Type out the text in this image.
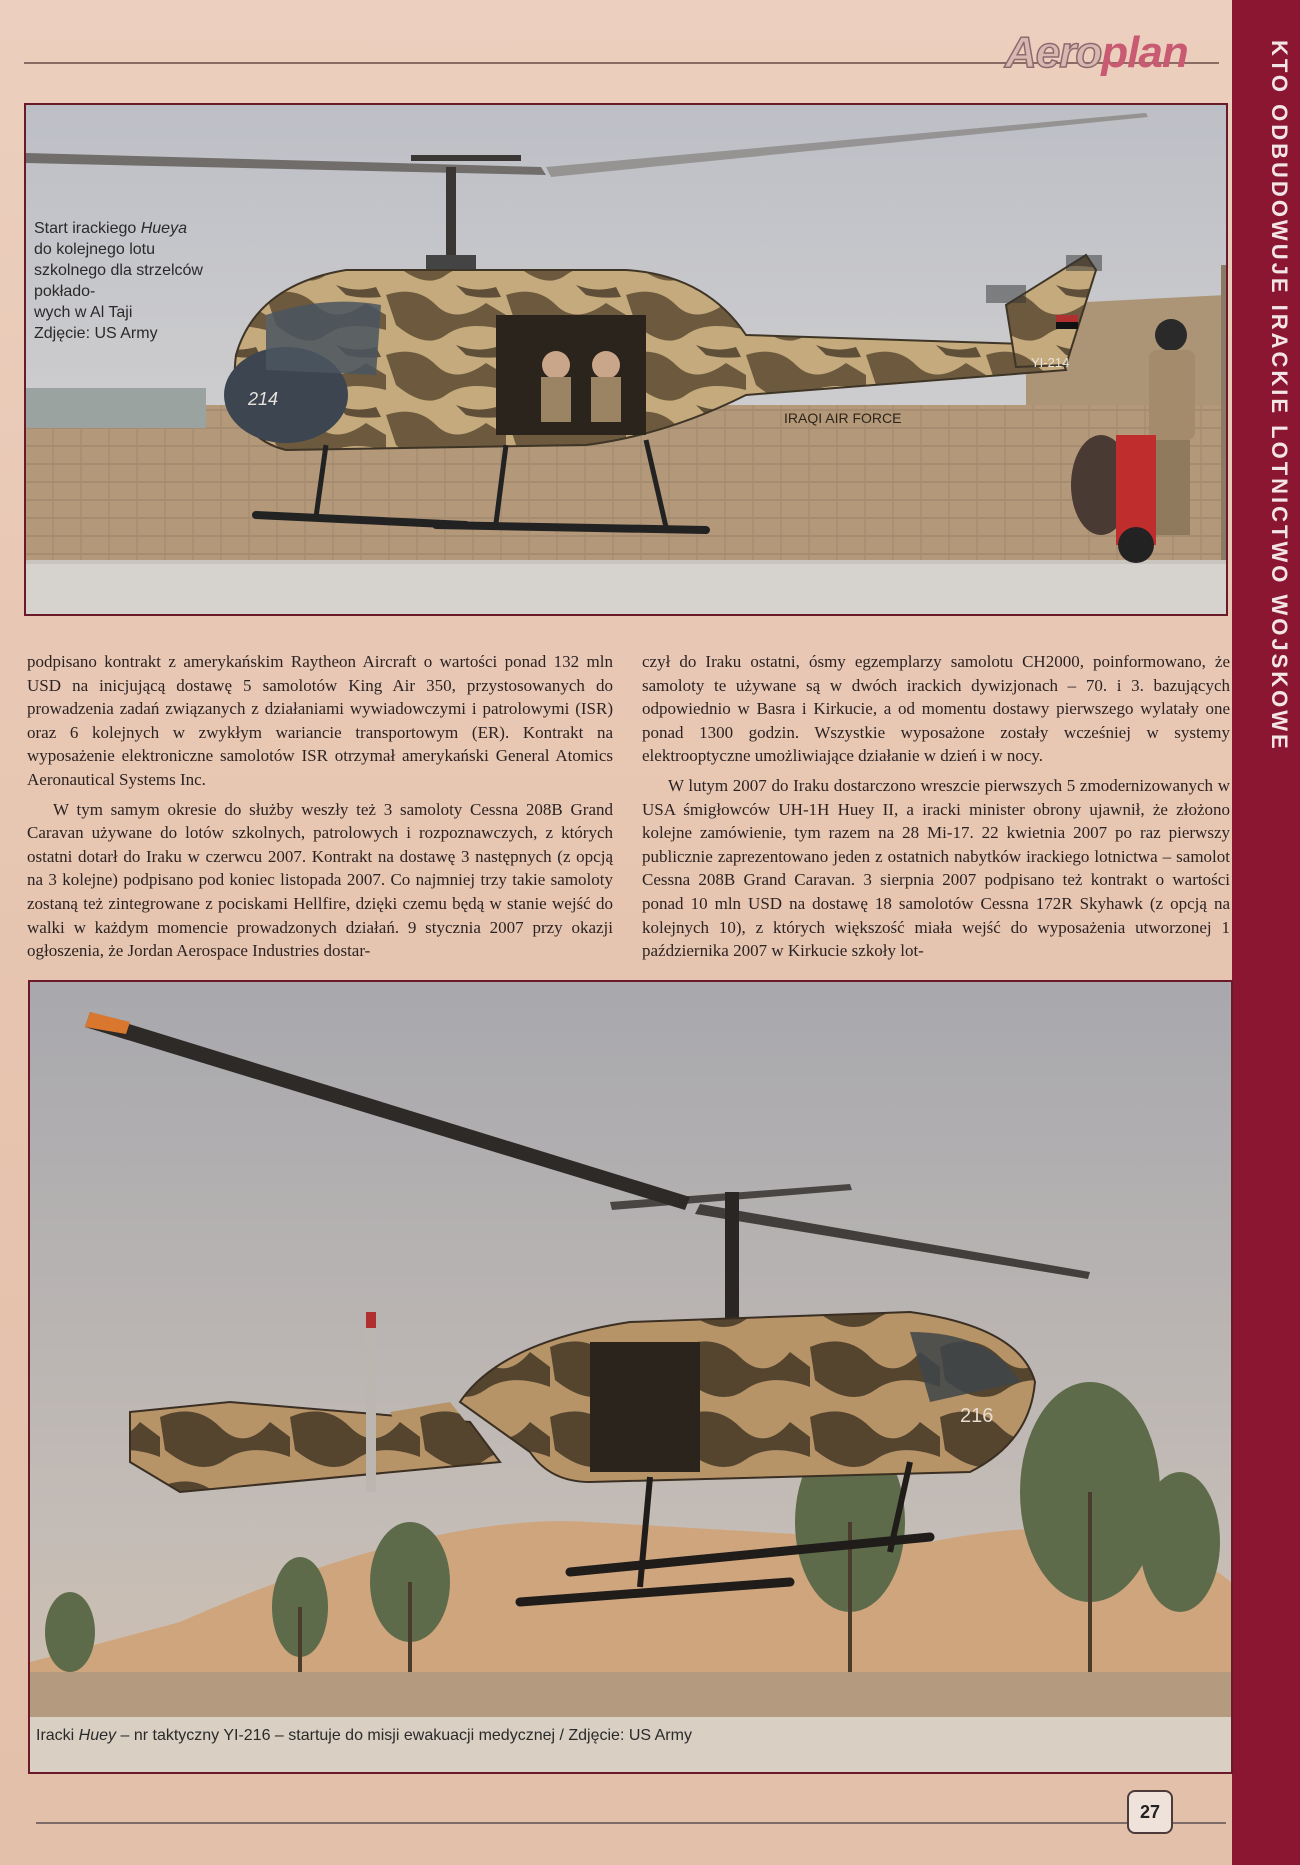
Aeroplan	KTO ODBUDOWUJE IRACKIE LOTNICTWO WOJSKOWE
214
IRAQI AIR FORCE
YI-214
Start irackiego Hueya do kolejnego lotu szkolnego dla strzelców pokłado-
wych w Al Taji
Zdjęcie: US Army

podpisano kontrakt z amerykańskim Raytheon Aircraft o wartości ponad 132 mln USD na inicjującą dostawę 5 samolotów King Air 350, przystosowanych do prowadzenia zadań związanych z działaniami wywiadowczymi i patrolowymi (ISR) oraz 6 kolejnych w zwykłym wariancie transportowym (ER). Kontrakt na wyposażenie elektroniczne samolotów ISR otrzymał amerykański General Atomics Aeronautical Systems Inc.

W tym samym okresie do służby weszły też 3 samoloty Cessna 208B Grand Caravan używane do lotów szkolnych, patrolowych i rozpoznawczych, z których ostatni dotarł do Iraku w czerwcu 2007. Kontrakt na dostawę 3 następnych (z opcją na 3 kolejne) podpisano pod koniec listopada 2007. Co najmniej trzy takie samoloty zostaną też zintegrowane z pociskami Hellfire, dzięki czemu będą w stanie wejść do walki w każdym momencie prowadzonych działań. 9 stycznia 2007 przy okazji ogłoszenia, że Jordan Aerospace Industries dostar-

czył do Iraku ostatni, ósmy egzemplarzy samolotu CH2000, poinformowano, że samoloty te używane są w dwóch irackich dywizjonach – 70. i 3. bazujących odpowiednio w Basra i Kirkucie, a od momentu dostawy pierwszego wylatały one ponad 1300 godzin. Wszystkie wyposażone zostały wcześniej w systemy elektrooptyczne umożliwiające działanie w dzień i w nocy.

W lutym 2007 do Iraku dostarczono wreszcie pierwszych 5 zmodernizowanych w USA śmigłowców UH-1H Huey II, a iracki minister obrony ujawnił, że złożono kolejne zamówienie, tym razem na 28 Mi-17. 22 kwietnia 2007 po raz pierwszy publicznie zaprezentowano jeden z ostatnich nabytków irackiego lotnictwa – samolot Cessna 208B Grand Caravan. 3 sierpnia 2007 podpisano też kontrakt o wartości ponad 10 mln USD na dostawę 18 samolotów Cessna 172R Skyhawk (z opcją na kolejnych 10), z których większość miała wejść do wyposażenia utworzonej 1 października 2007 w Kirkucie szkoły lot-

216
Iracki Huey – nr taktyczny YI-216 – startuje do misji ewakuacji medycznej / Zdjęcie: US Army
27
